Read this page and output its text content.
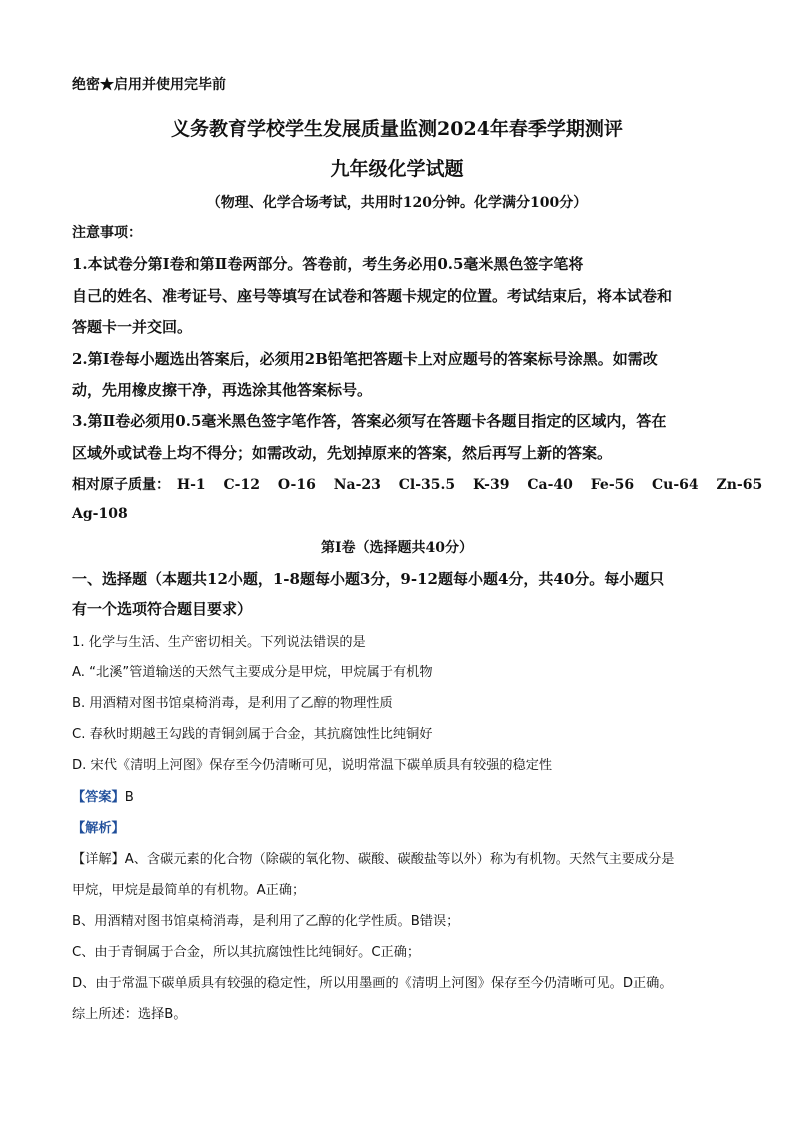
绝密★启用并使用完毕前
义务教育学校学生发展质量监测2024年春季学期测评
九年级化学试题
（物理、化学合场考试，共用时120分钟。化学满分100分）
注意事项：
1.本试卷分第Ⅰ卷和第Ⅱ卷两部分。答卷前，考生务必用0.5毫米黑色签字笔将
自己的姓名、准考证号、座号等填写在试卷和答题卡规定的位置。考试结束后，将本试卷和
答题卡一并交回。
2.第Ⅰ卷每小题选出答案后，必须用2B铅笔把答题卡上对应题号的答案标号涂黑。如需改
动，先用橡皮擦干净，再选涂其他答案标号。
3.第Ⅱ卷必须用0.5毫米黑色签字笔作答，答案必须写在答题卡各题目指定的区域内，答在
区域外或试卷上均不得分；如需改动，先划掉原来的答案，然后再写上新的答案。
相对原子质量： H-1 C-12 O-16 Na-23 Cl-35.5 K-39 Ca-40 Fe-56 Cu-64 Zn-65
Ag-108
第Ⅰ卷（选择题共40分）
一、选择题（本题共12小题，1-8题每小题3分，9-12题每小题4分，共40分。每小题只
有一个选项符合题目要求）
1. 化学与生活、生产密切相关。下列说法错误的是
A. “北溪”管道输送的天然气主要成分是甲烷，甲烷属于有机物
B. 用酒精对图书馆桌椅消毒，是利用了乙醇的物理性质
C. 春秋时期越王勾践的青铜剑属于合金，其抗腐蚀性比纯铜好
D. 宋代《清明上河图》保存至今仍清晰可见，说明常温下碳单质具有较强的稳定性
【答案】B
【解析】
【详解】A、含碳元素的化合物（除碳的氧化物、碳酸、碳酸盐等以外）称为有机物。天然气主要成分是
甲烷，甲烷是最简单的有机物。A正确；
B、用酒精对图书馆桌椅消毒，是利用了乙醇的化学性质。B错误；
C、由于青铜属于合金，所以其抗腐蚀性比纯铜好。C正确；
D、由于常温下碳单质具有较强的稳定性，所以用墨画的《清明上河图》保存至今仍清晰可见。D正确。
综上所述：选择B。
